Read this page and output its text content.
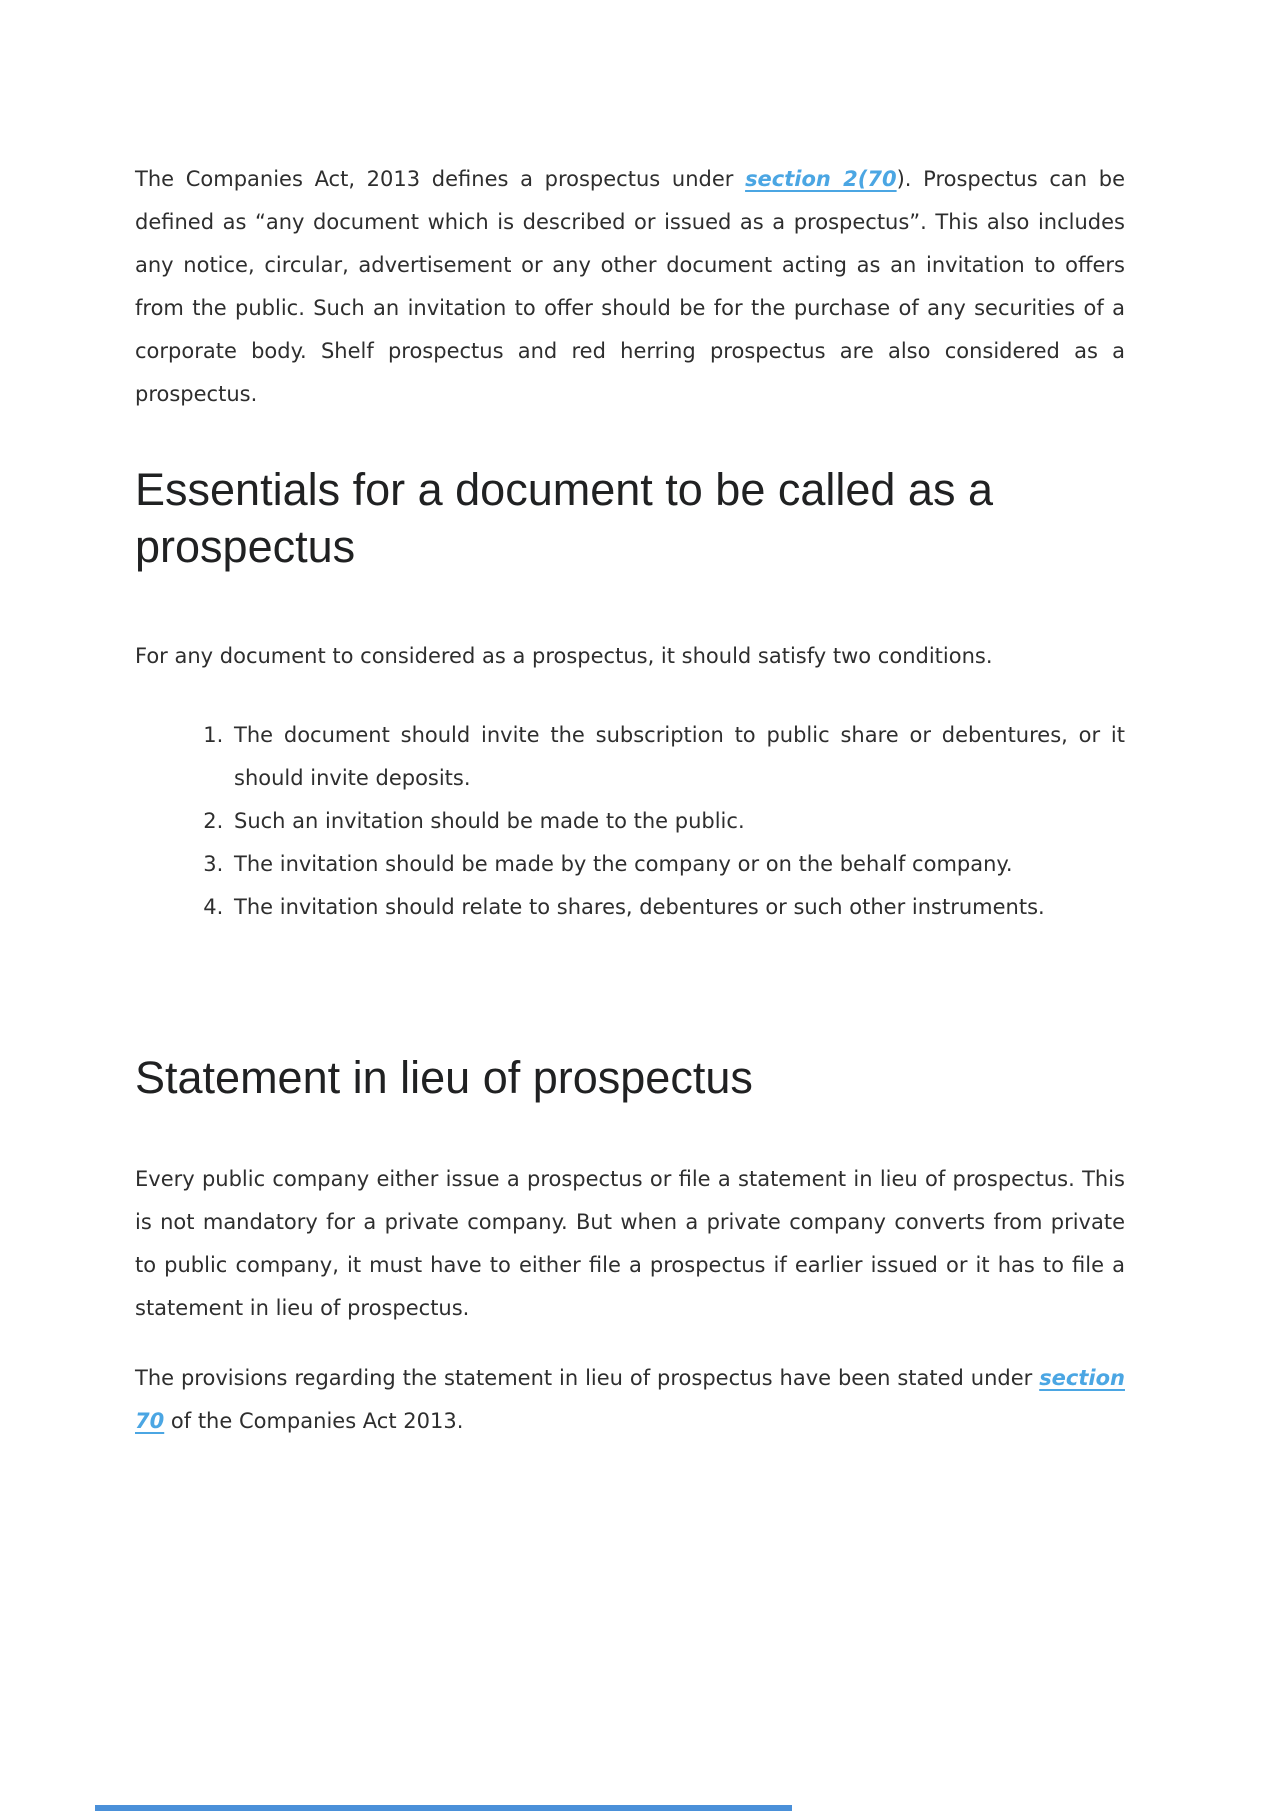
The Companies Act, 2013 defines a prospectus under section 2(70). Prospectus can be defined as “any document which is described or issued as a prospectus”. This also includes any notice, circular, advertisement or any other document acting as an invitation to offers from the public. Such an invitation to offer should be for the purchase of any securities of a corporate body. Shelf prospectus and red herring prospectus are also considered as a prospectus.

Essentials for a document to be called as a prospectus

For any document to considered as a prospectus, it should satisfy two conditions.

1. The document should invite the subscription to public share or debentures, or it should invite deposits.
2. Such an invitation should be made to the public.
3. The invitation should be made by the company or on the behalf company.
4. The invitation should relate to shares, debentures or such other instruments.
Statement in lieu of prospectus

Every public company either issue a prospectus or file a statement in lieu of prospectus. This is not mandatory for a private company. But when a private company converts from private to public company, it must have to either file a prospectus if earlier issued or it has to file a statement in lieu of prospectus.

The provisions regarding the statement in lieu of prospectus have been stated under section 70 of the Companies Act 2013.
